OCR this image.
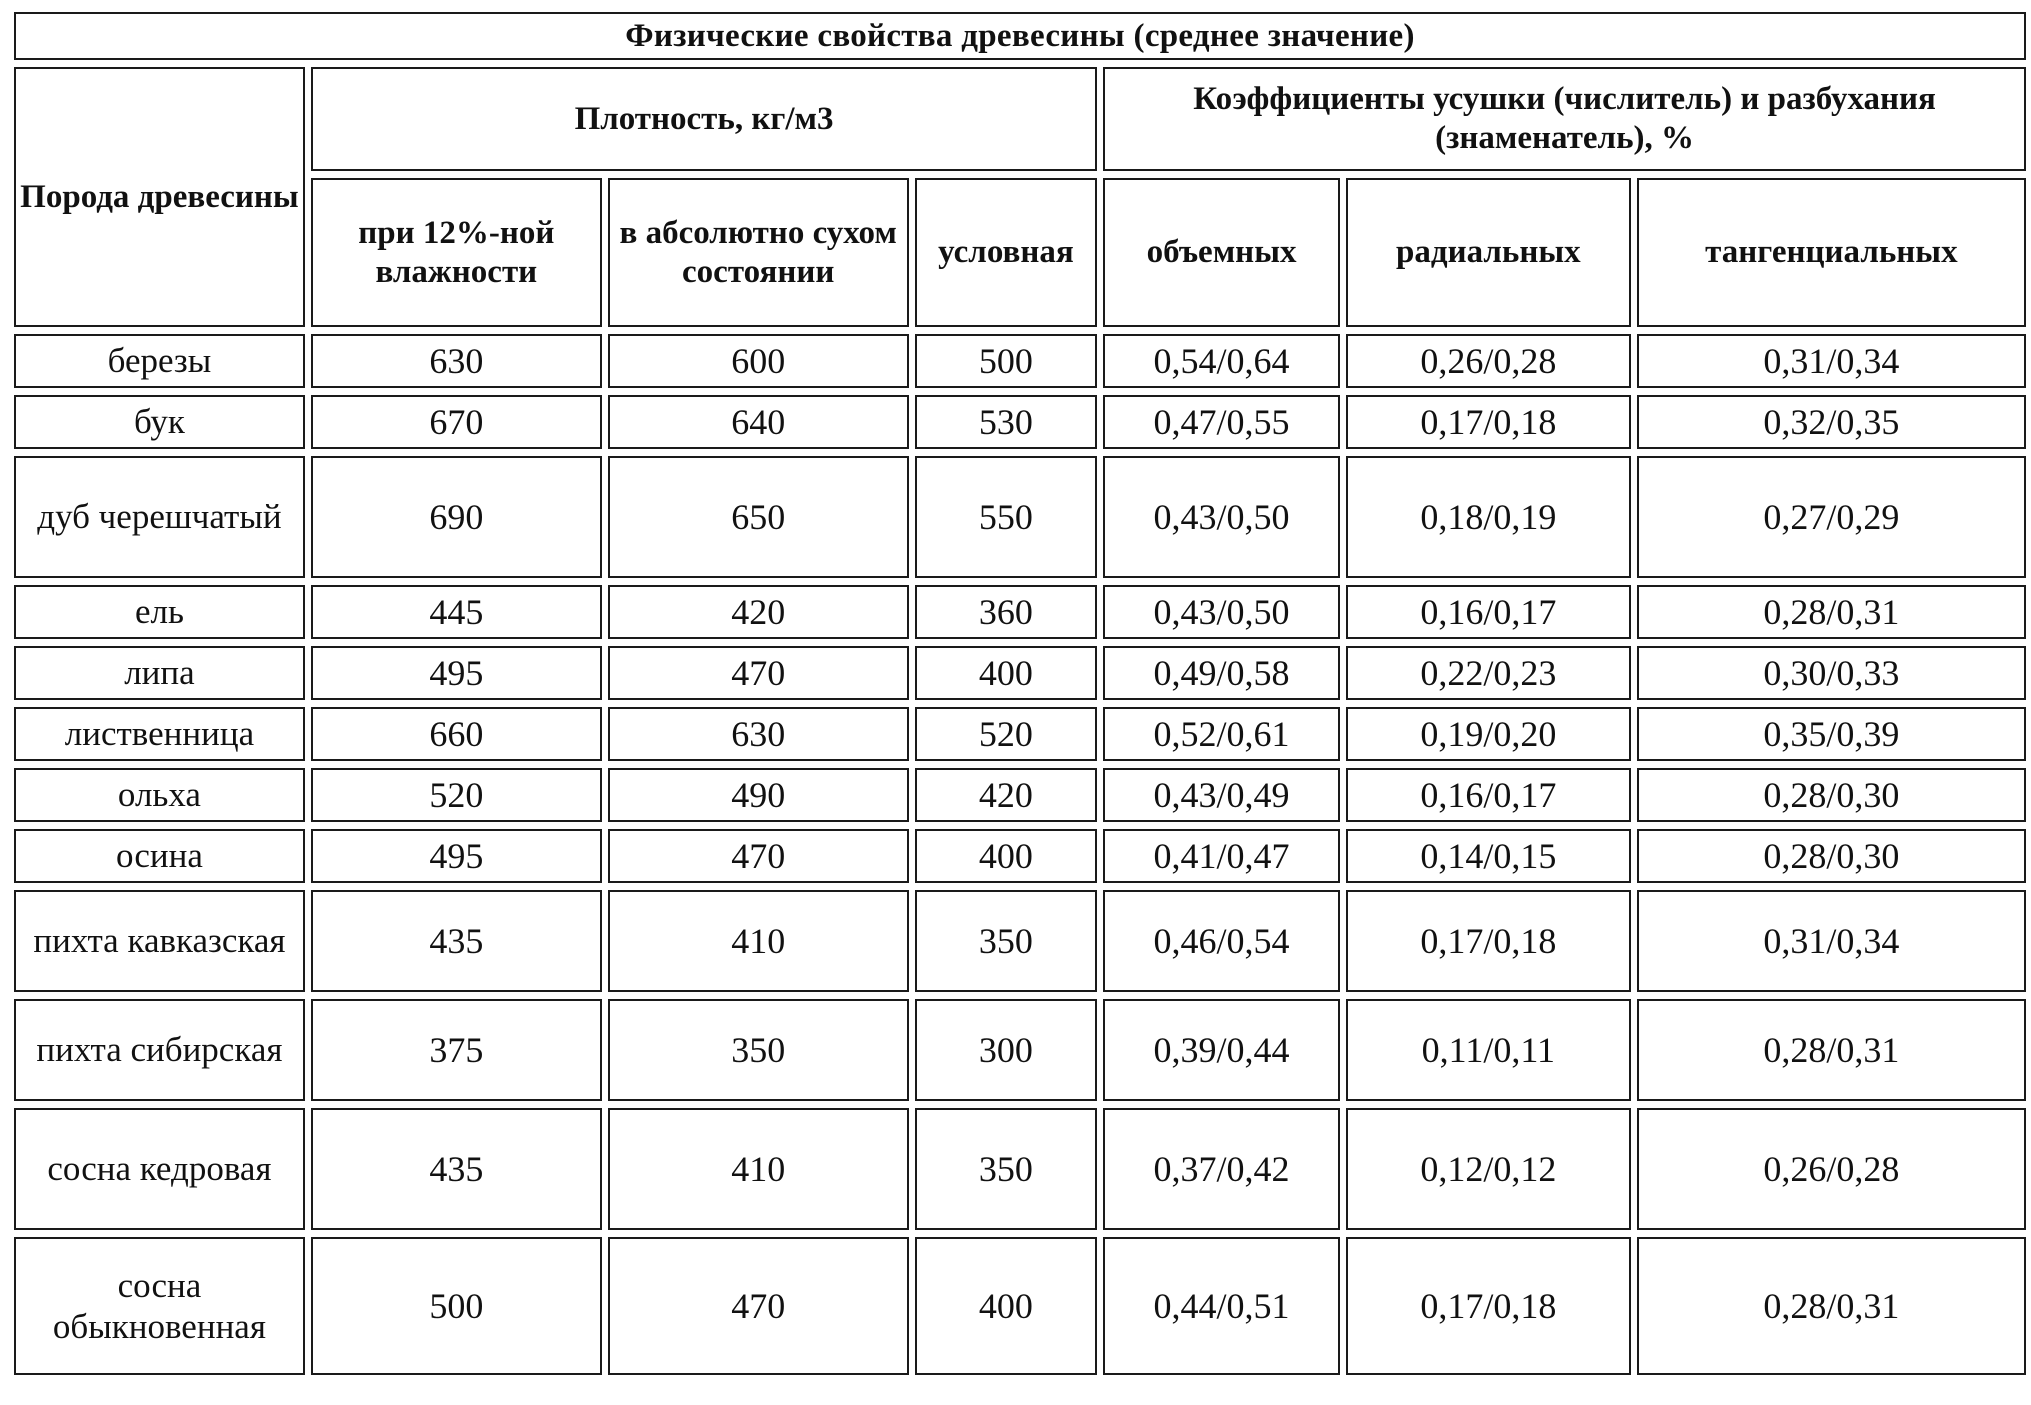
Физические свойства древесины (среднее значение)						
Порода древесины	Плотность, кг/м3			Коэффициенты усушки (числитель) и разбухания (знаменатель), %		
	при 12%-ной влажности	в абсолютно сухом состоянии	условная	объемных	радиальных	тангенциальных
березы	630	600	500	0,54/0,64	0,26/0,28	0,31/0,34
бук	670	640	530	0,47/0,55	0,17/0,18	0,32/0,35
дуб черешчатый	690	650	550	0,43/0,50	0,18/0,19	0,27/0,29
ель	445	420	360	0,43/0,50	0,16/0,17	0,28/0,31
липа	495	470	400	0,49/0,58	0,22/0,23	0,30/0,33
лиственница	660	630	520	0,52/0,61	0,19/0,20	0,35/0,39
ольха	520	490	420	0,43/0,49	0,16/0,17	0,28/0,30
осина	495	470	400	0,41/0,47	0,14/0,15	0,28/0,30
пихта кавказская	435	410	350	0,46/0,54	0,17/0,18	0,31/0,34
пихта сибирская	375	350	300	0,39/0,44	0,11/0,11	0,28/0,31
сосна кедровая	435	410	350	0,37/0,42	0,12/0,12	0,26/0,28
сосна обыкновенная	500	470	400	0,44/0,51	0,17/0,18	0,28/0,31
